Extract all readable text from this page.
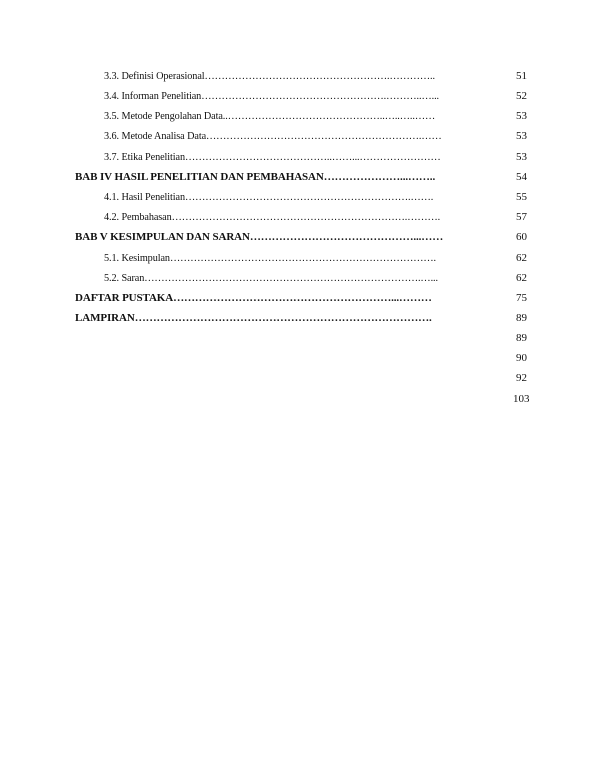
3.3. Definisi Operasional……………………………………………….…………..
3.4. Informan Penelitian……………………………………………….………..…...
3.5. Metode Pengolahan Data..………………………………………..…..…..……
3.6. Metode Analisa Data……………………………………………………….……
3.7. Etika Penelitian……………………………………..……...……………………
BAB IV HASIL PENELITIAN DAN PEMBAHASAN…………………...……..
4.1. Hasil Penelitian………………………………………………………….…….
4.2. Pembahasan…………………………………………………………….……….
BAB V KESIMPULAN DAN SARAN………………………………………...……
5.1. Kesimpulan…………………………………………………………………….
5.2. Saran……………………………………………………………………….…...
DAFTAR PUSTAKA……………………………………………………...………
LAMPIRAN……………………………………………………………………….
51
52
53
53
53
54
55
57
60
62
62
75
89
89
90
92
103
